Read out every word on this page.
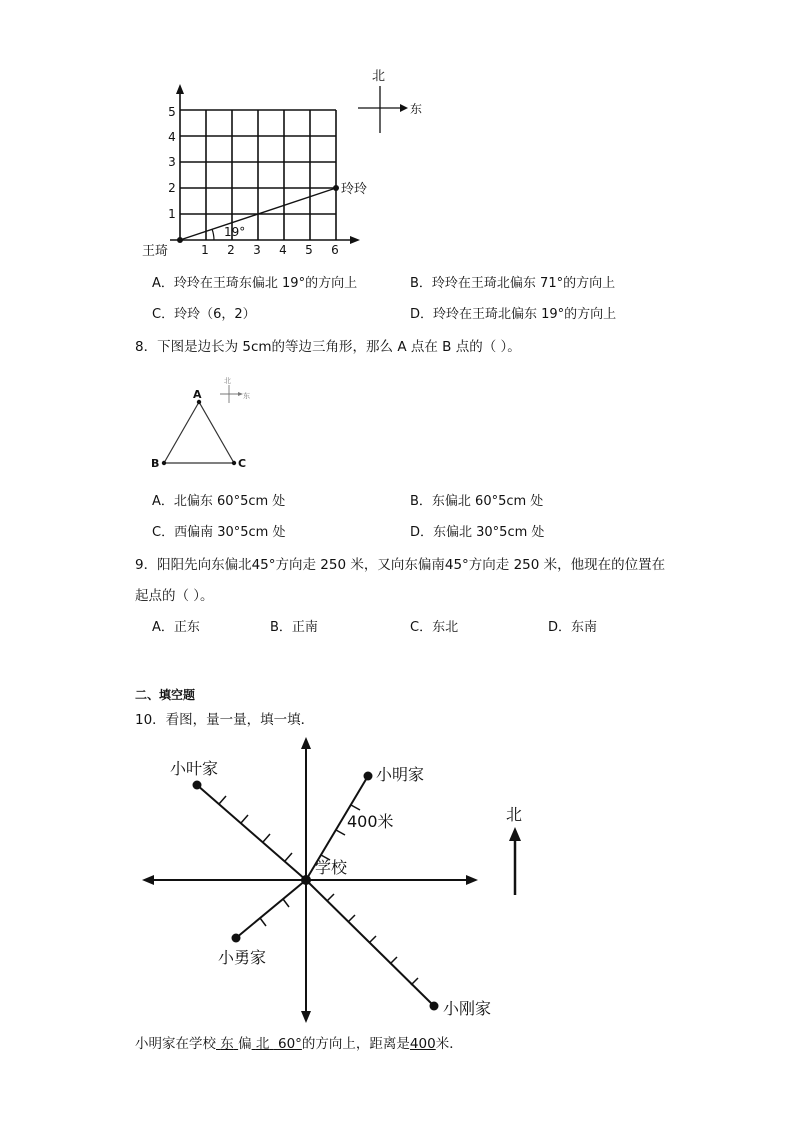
1
2
3
4
5
1 2 3 4 5 6
19°
王琦
玲玲
北
东
A．玲玲在王琦东偏北 19°的方向上	B．玲玲在王琦北偏东 71°的方向上
C．玲玲（6，2）	D．玲玲在王琦北偏东 19°的方向上
8．下图是边长为 5cm的等边三角形，那么 A 点在 B 点的（ ）。
A
B	C
北
东
A．北偏东 60°5cm 处	B．东偏北 60°5cm 处
C．西偏南 30°5cm 处	D．东偏北 30°5cm 处
9．阳阳先向东偏北45°方向走 250 米，又向东偏南45°方向走 250 米，他现在的位置在
起点的（ ）。
A．正东	B．正南	C．东北	D．东南
二、填空题
10．看图，量一量，填一填．
小叶家	小明家
400米
学校
小勇家
小刚家
北
小明家在学校 东 偏 北 60°的方向上，距离是400米．
